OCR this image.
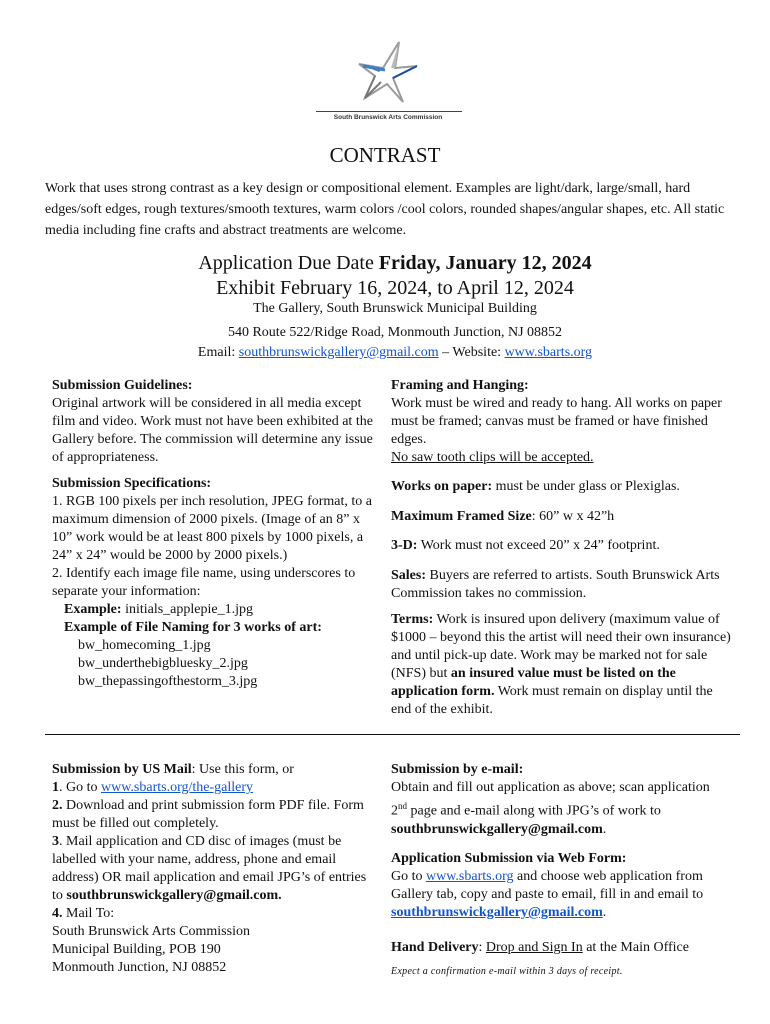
South Brunswick Arts Commission
CONTRAST
Work that uses strong contrast as a key design or compositional element. Examples are light/dark, large/small, hard edges/soft edges, rough textures/smooth textures, warm colors /cool colors, rounded shapes/angular shapes, etc. All static media including fine crafts and abstract treatments are welcome.
Application Due Date Friday, January 12, 2024
Exhibit February 16, 2024, to April 12, 2024
The Gallery, South Brunswick Municipal Building
540 Route 522/Ridge Road, Monmouth Junction, NJ 08852
Email: southbrunswickgallery@gmail.com – Website: www.sbarts.org

Submission Guidelines:

Original artwork will be considered in all media except film and video. Work must not have been exhibited at the Gallery before. The commission will determine any issue of appropriateness.

Submission Specifications:

1. RGB 100 pixels per inch resolution, JPEG format, to a maximum dimension of 2000 pixels. (Image of an 8” x 10” work would be at least 800 pixels by 1000 pixels, a 24” x 24” would be 2000 by 2000 pixels.)

2. Identify each image file name, using underscores to separate your information:

Example: initials_applepie_1.jpg

Example of File Naming for 3 works of art:

bw_homecoming_1.jpg

bw_underthebigbluesky_2.jpg

bw_thepassingofthestorm_3.jpg

Framing and Hanging:

Work must be wired and ready to hang. All works on paper must be framed; canvas must be framed or have finished edges.

No saw tooth clips will be accepted.

Works on paper: must be under glass or Plexiglas.

Maximum Framed Size: 60” w x 42”h

3-D: Work must not exceed 20” x 24” footprint.

Sales: Buyers are referred to artists. South Brunswick Arts Commission takes no commission.

Terms: Work is insured upon delivery (maximum value of $1000 – beyond this the artist will need their own insurance) and until pick-up date. Work may be marked not for sale (NFS) but an insured value must be listed on the application form. Work must remain on display until the end of the exhibit.

Submission by US Mail: Use this form, or

1. Go to www.sbarts.org/the-gallery

2. Download and print submission form PDF file. Form must be filled out completely.

3. Mail application and CD disc of images (must be labelled with your name, address, phone and email address) OR mail application and email JPG’s of entries to southbrunswickgallery@gmail.com.

4. Mail To:

South Brunswick Arts Commission

Municipal Building, POB 190

Monmouth Junction, NJ 08852

Submission by e-mail:

Obtain and fill out application as above; scan application 2nd page and e-mail along with JPG’s of work to southbrunswickgallery@gmail.com.

Application Submission via Web Form:

Go to www.sbarts.org and choose web application from Gallery tab, copy and paste to email, fill in and email to southbrunswickgallery@gmail.com.

Hand Delivery: Drop and Sign In at the Main Office

Expect a confirmation e-mail within 3 days of receipt.
